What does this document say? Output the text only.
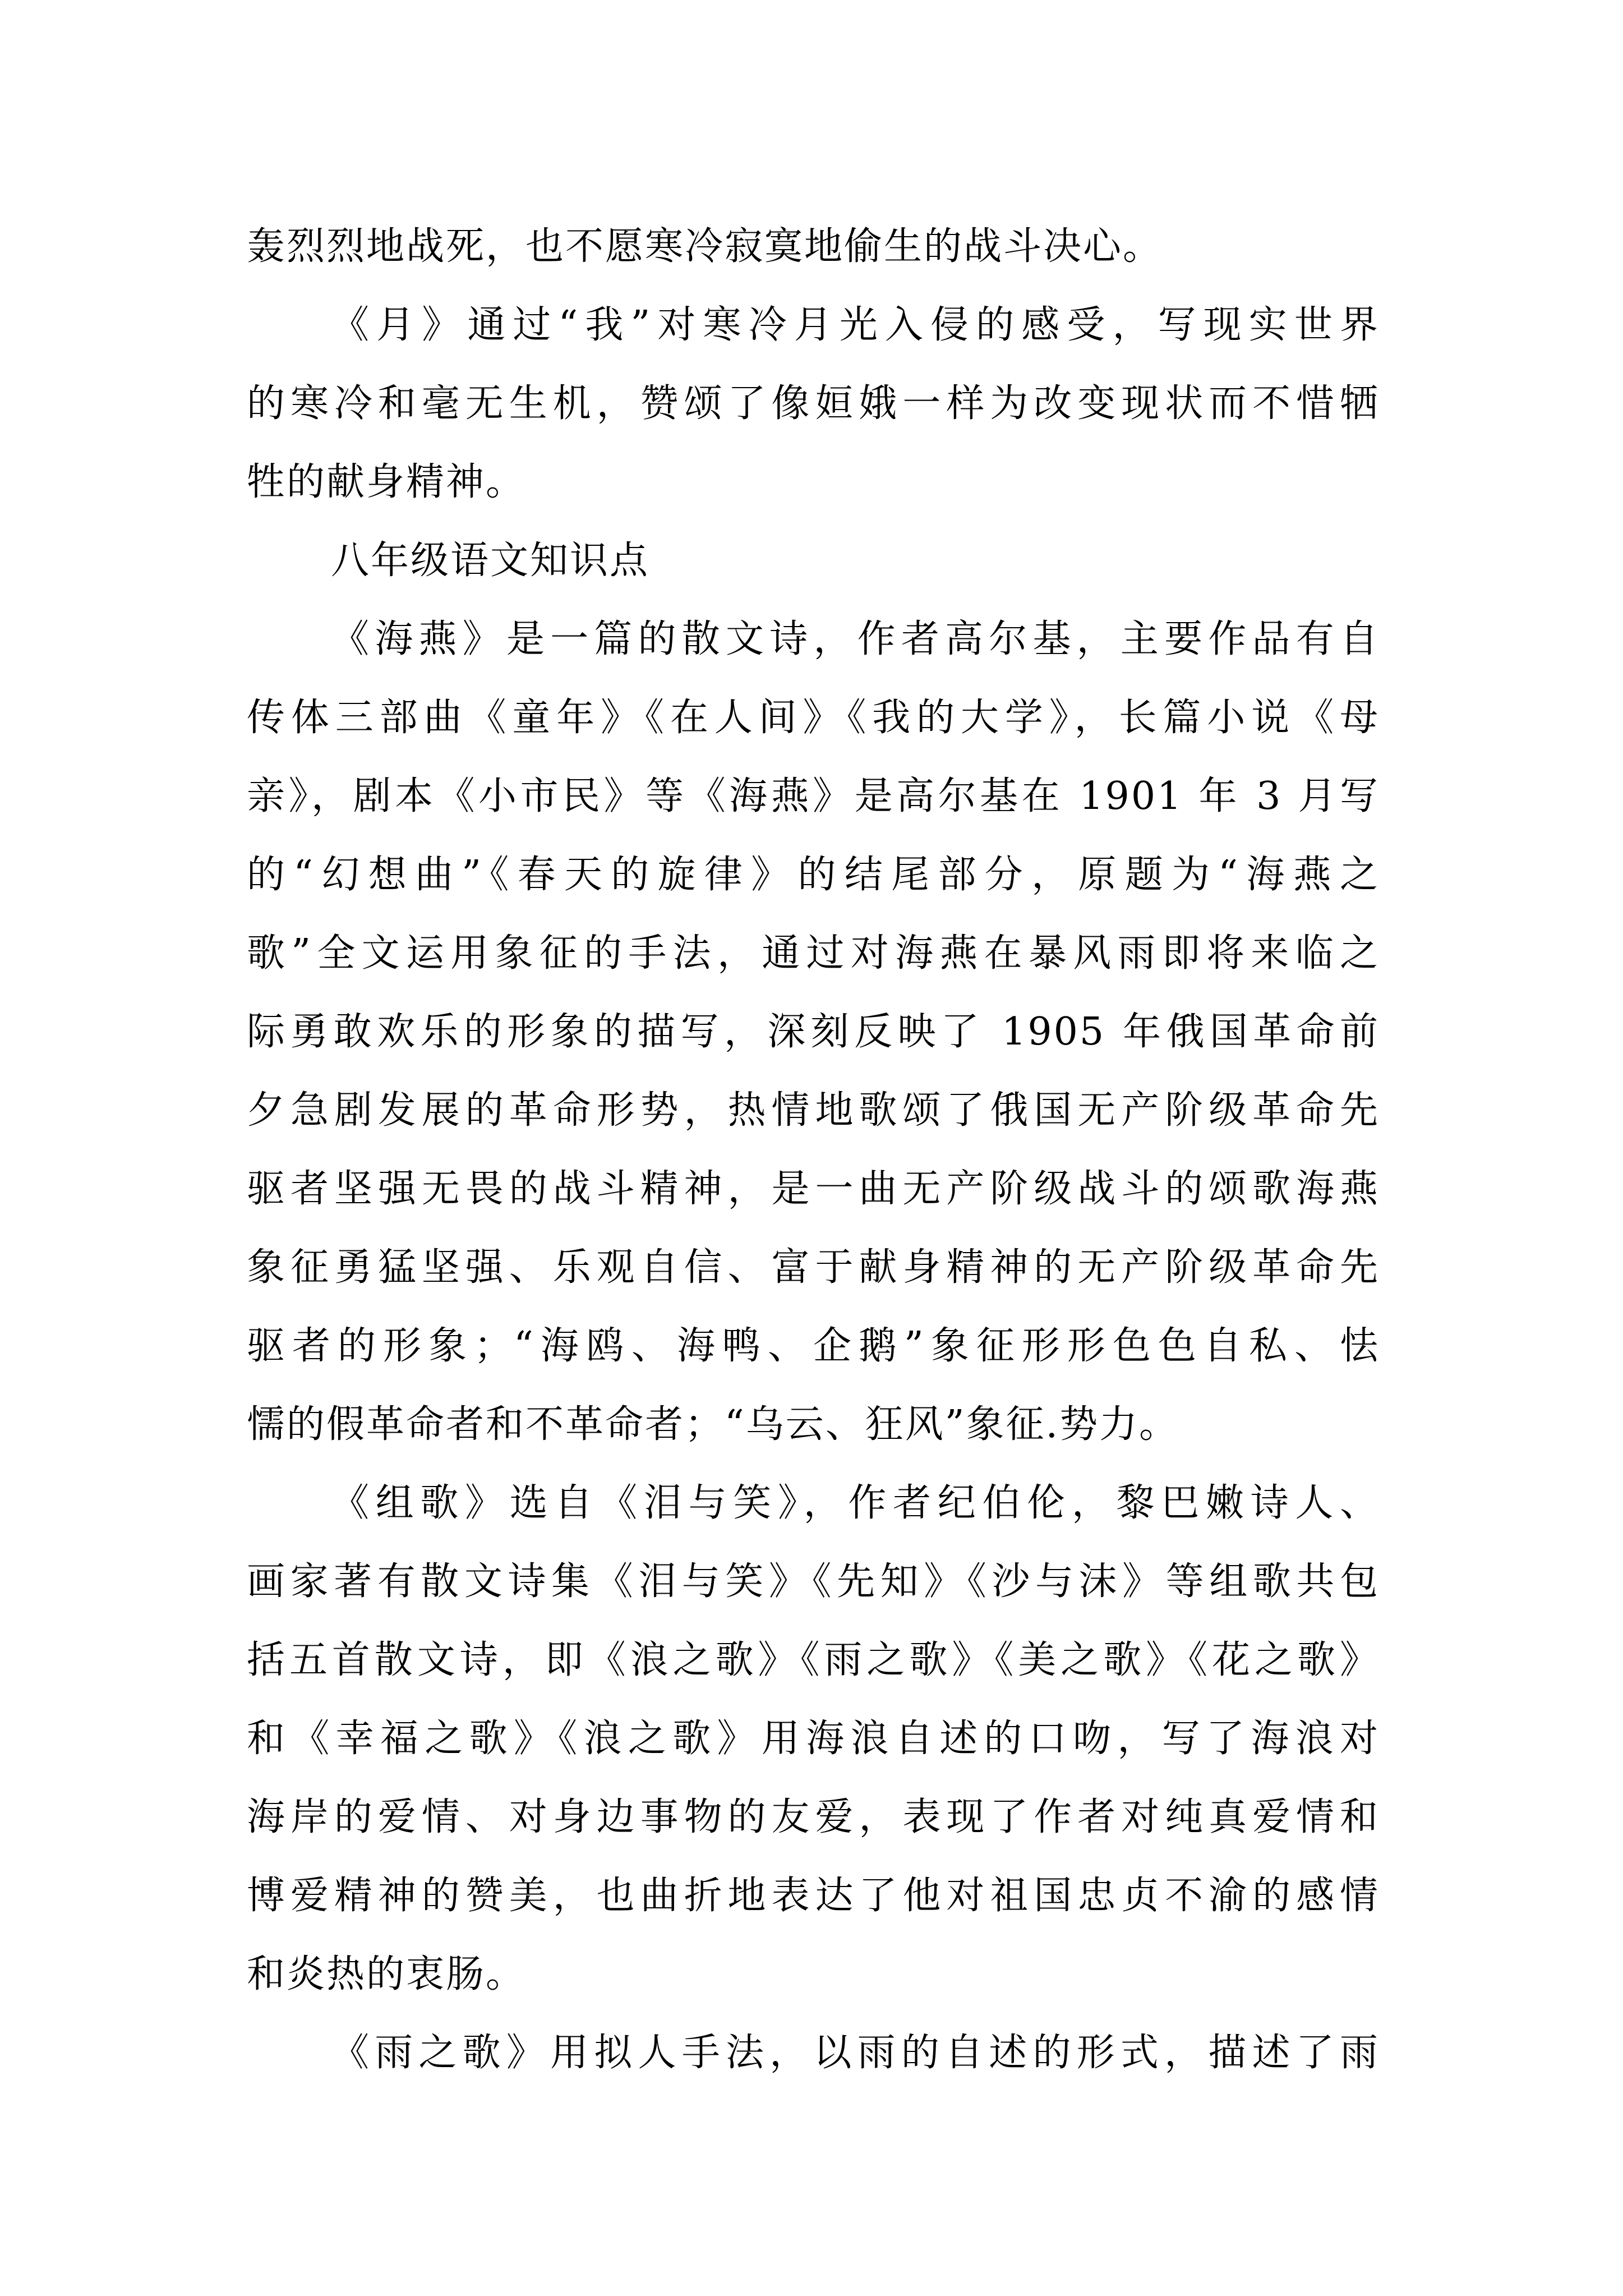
轰烈烈地战死，也不愿寒冷寂寞地偷生的战斗决心。
《月》通过“我”对寒冷月光入侵的感受，写现实世界
的寒冷和毫无生机，赞颂了像姮娥一样为改变现状而不惜牺
牲的献身精神。
八年级语文知识点
《海燕》是一篇的散文诗，作者高尔基，主要作品有自
传体三部曲《童年》《在人间》《我的大学》，长篇小说《母
亲》，剧本《小市民》等《海燕》是高尔基在 1901 年 3 月写
的“幻想曲”《春天的旋律》的结尾部分，原题为“海燕之
歌”全文运用象征的手法，通过对海燕在暴风雨即将来临之
际勇敢欢乐的形象的描写，深刻反映了 1905 年俄国革命前
夕急剧发展的革命形势，热情地歌颂了俄国无产阶级革命先
驱者坚强无畏的战斗精神，是一曲无产阶级战斗的颂歌海燕
象征勇猛坚强、乐观自信、富于献身精神的无产阶级革命先
驱者的形象；“海鸥、海鸭、企鹅”象征形形色色自私、怯
懦的假革命者和不革命者；“乌云、狂风”象征.势力。
《组歌》选自《泪与笑》，作者纪伯伦，黎巴嫩诗人、
画家著有散文诗集《泪与笑》《先知》《沙与沫》等组歌共包
括五首散文诗，即《浪之歌》《雨之歌》《美之歌》《花之歌》
和《幸福之歌》《浪之歌》用海浪自述的口吻，写了海浪对
海岸的爱情、对身边事物的友爱，表现了作者对纯真爱情和
博爱精神的赞美，也曲折地表达了他对祖国忠贞不渝的感情
和炎热的衷肠。
《雨之歌》用拟人手法，以雨的自述的形式，描述了雨
